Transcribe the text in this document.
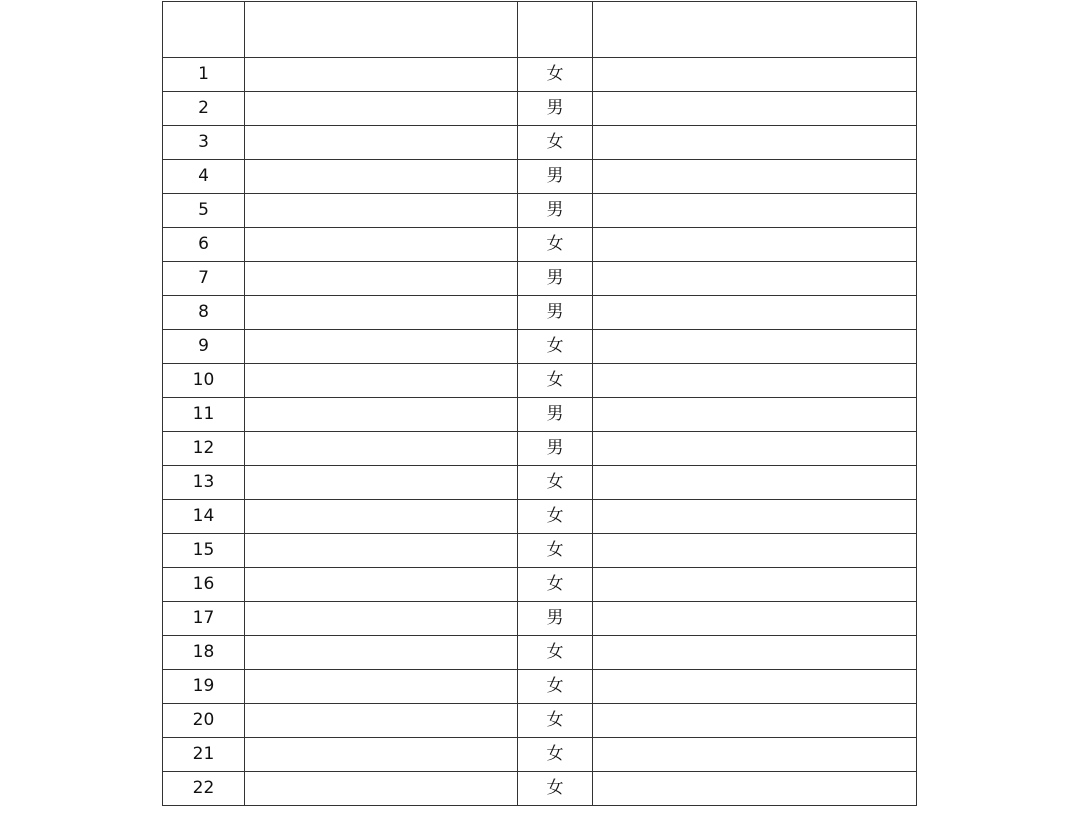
1		女	
2		男	
3		女	
4		男	
5		男	
6		女	
7		男	
8		男	
9		女	
10		女	
11		男	
12		男	
13		女	
14		女	
15		女	
16		女	
17		男	
18		女	
19		女	
20		女	
21		女	
22		女	
